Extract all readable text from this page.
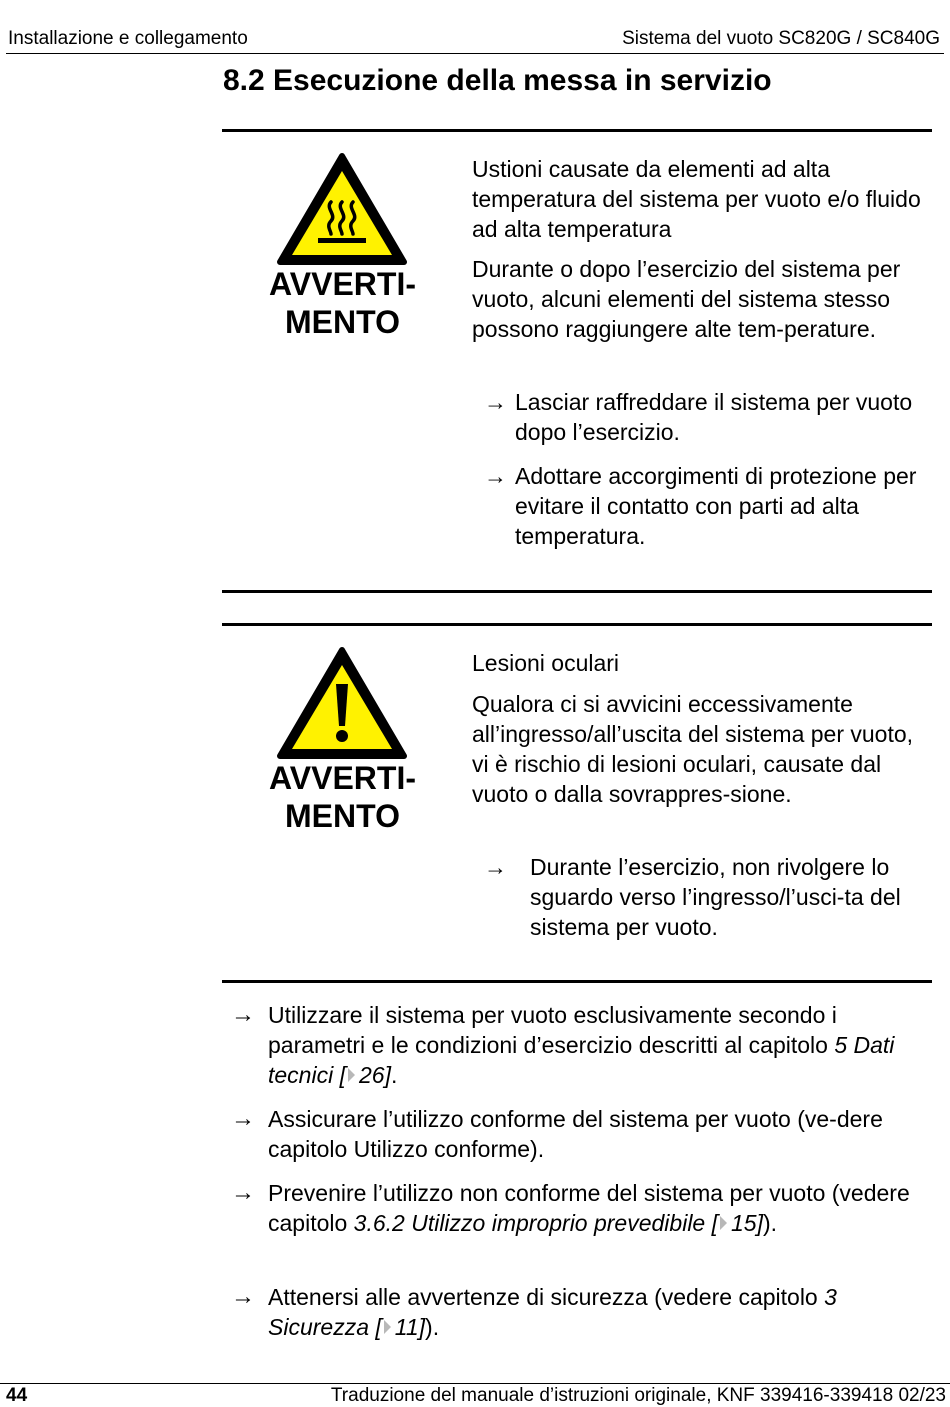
Installazione e collegamento	Sistema del vuoto SC820G / SC840G
8.2 Esecuzione della messa in servizio
AVVERTI-
MENTO
Ustioni causate da elementi ad alta temperatura del sistema per vuoto e/o fluido ad alta temperatura

Durante o dopo l’esercizio del sistema per vuoto, alcuni elementi del sistema stesso possono raggiungere alte tem-perature.

→ Lasciar raffreddare il sistema per vuoto dopo l’esercizio.
→ Adottare accorgimenti di protezione per evitare il contatto con parti ad alta temperatura.
AVVERTI-
MENTO
Lesioni oculari

Qualora ci si avvicini eccessivamente all’ingresso/all’uscita del sistema per vuoto, vi è rischio di lesioni oculari, causate dal vuoto o dalla sovrappres-sione.

→	Durante l’esercizio, non rivolgere lo sguardo verso l’ingresso/l’usci-ta del sistema per vuoto.
→ Utilizzare il sistema per vuoto esclusivamente secondo i parametri e le condizioni d’esercizio descritti al capitolo 5 Dati tecnici [ 26].
→ Assicurare l’utilizzo conforme del sistema per vuoto (ve-dere capitolo Utilizzo conforme).
→ Prevenire l’utilizzo non conforme del sistema per vuoto (vedere capitolo 3.6.2 Utilizzo improprio prevedibile [ 15]).
→ Attenersi alle avvertenze di sicurezza (vedere capitolo 3 Sicurezza [ 11]).
44	Traduzione del manuale d’istruzioni originale, KNF 339416-339418 02/23
